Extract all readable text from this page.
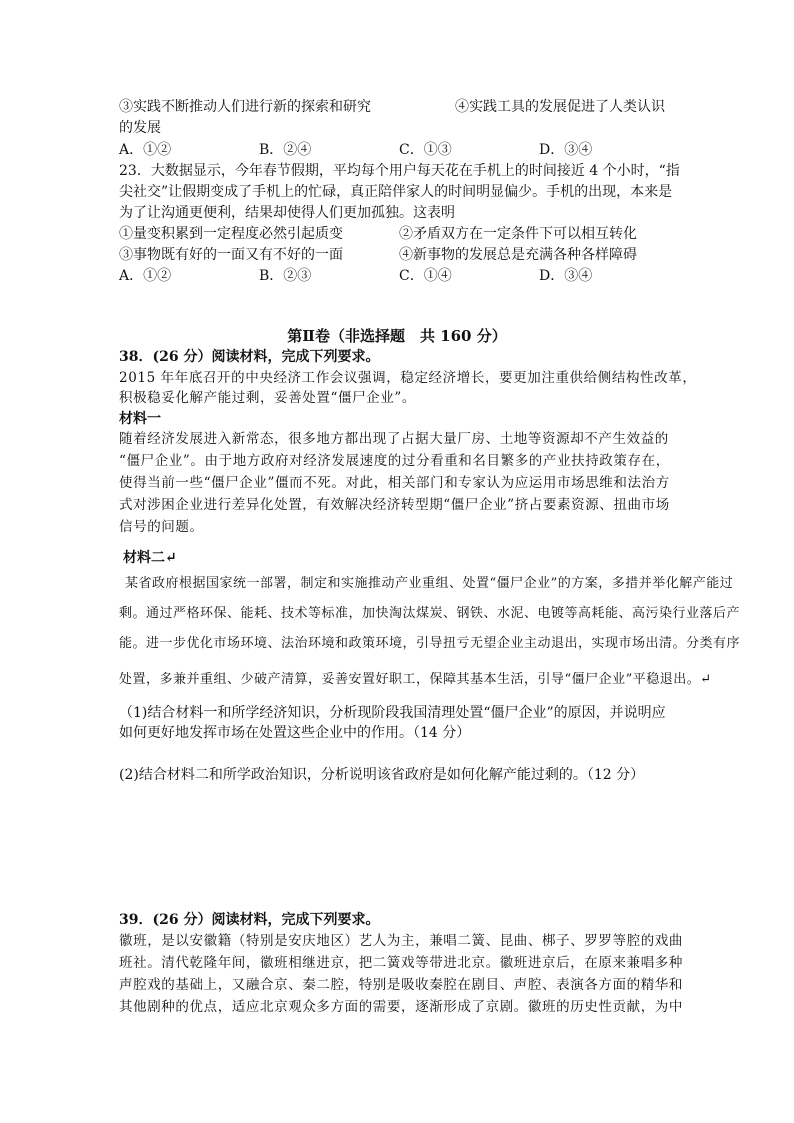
③实践不断推动人们进行新的探索和研究	④实践工具的发展促进了人类认识
的发展
A．①②	B．②④	C．①③	D．③④
23．大数据显示，今年春节假期，平均每个用户每天花在手机上的时间接近 4 个小时，“指
尖社交”让假期变成了手机上的忙碌，真正陪伴家人的时间明显偏少。手机的出现，本来是
为了让沟通更便利，结果却使得人们更加孤独。这表明
①量变积累到一定程度必然引起质变	②矛盾双方在一定条件下可以相互转化
③事物既有好的一面又有不好的一面	④新事物的发展总是充满各种各样障碍
A．①②	B．②③	C．①④	D．③④
第Ⅱ卷（非选择题　共 160 分）
38．(26 分）阅读材料，完成下列要求。
2015 年年底召开的中央经济工作会议强调，稳定经济增长，要更加注重供给侧结构性改革，
积极稳妥化解产能过剩，妥善处置“僵尸企业”。
材料一
随着经济发展进入新常态，很多地方都出现了占据大量厂房、土地等资源却不产生效益的
“僵尸企业”。由于地方政府对经济发展速度的过分看重和名目繁多的产业扶持政策存在，
使得当前一些“僵尸企业”僵而不死。对此，相关部门和专家认为应运用市场思维和法治方
式对涉困企业进行差异化处置，有效解决经济转型期“僵尸企业”挤占要素资源、扭曲市场
信号的问题。
材料二↵
某省政府根据国家统一部署，制定和实施推动产业重组、处置“僵尸企业”的方案，多措并举化解产能过
剩。通过严格环保、能耗、技术等标准，加快淘汰煤炭、钢铁、水泥、电镀等高耗能、高污染行业落后产
能。进一步优化市场环境、法治环境和政策环境，引导扭亏无望企业主动退出，实现市场出清。分类有序
处置，多兼并重组、少破产清算，妥善安置好职工，保障其基本生活，引导“僵尸企业”平稳退出。↵
（1)结合材料一和所学经济知识，分析现阶段我国清理处置“僵尸企业”的原因，并说明应
如何更好地发挥市场在处置这些企业中的作用。（14 分）
(2)结合材料二和所学政治知识，分析说明该省政府是如何化解产能过剩的。（12 分）
39．(26 分）阅读材料，完成下列要求。
徽班，是以安徽籍（特别是安庆地区）艺人为主，兼唱二簧、昆曲、梆子、罗罗等腔的戏曲
班社。清代乾隆年间，徽班相继进京，把二簧戏等带进北京。徽班进京后，在原来兼唱多种
声腔戏的基础上，又融合京、秦二腔，特别是吸收秦腔在剧目、声腔、表演各方面的精华和
其他剧种的优点，适应北京观众多方面的需要，逐渐形成了京剧。徽班的历史性贡献，为中
